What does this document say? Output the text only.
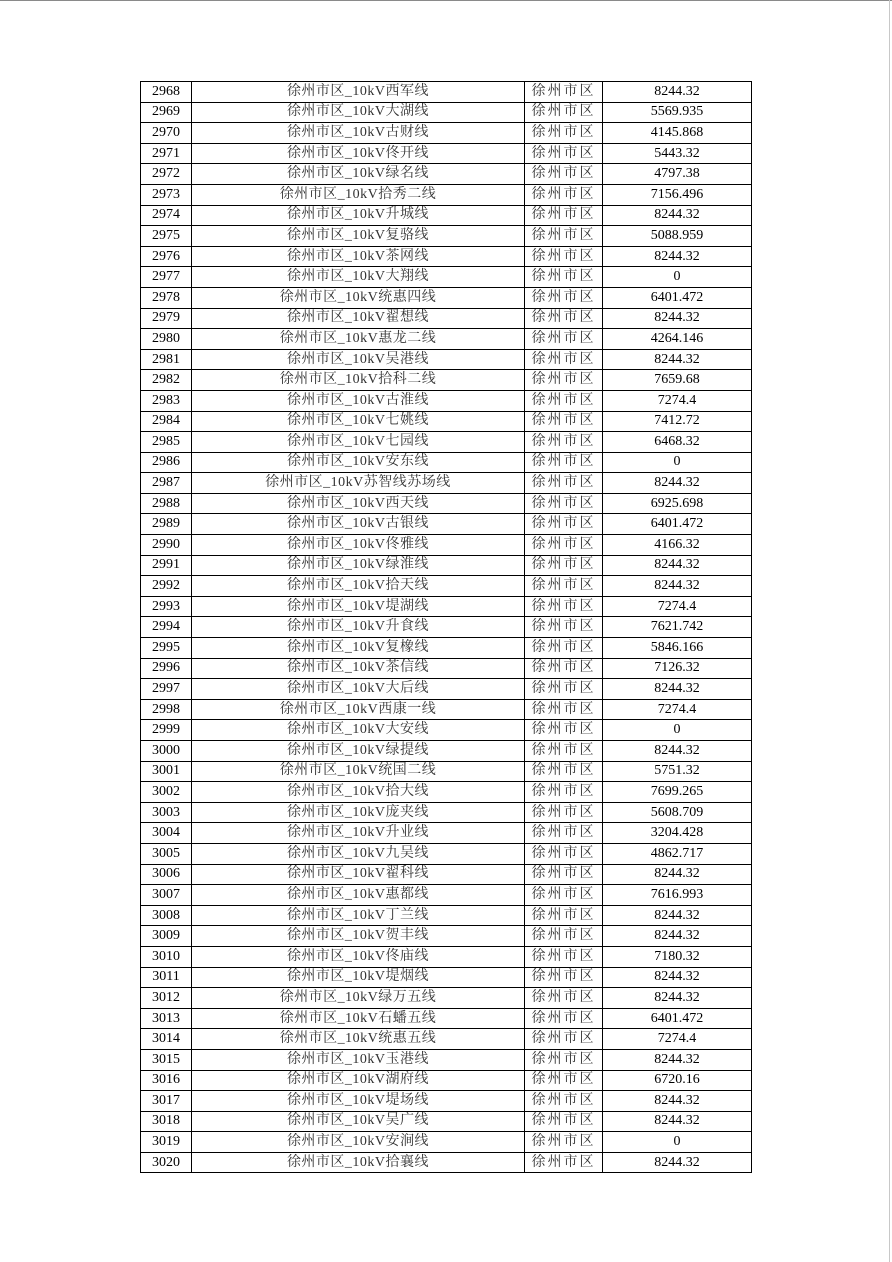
2968	徐州市区_10kV西军线	徐州市区	8244.32
2969	徐州市区_10kV大湖线	徐州市区	5569.935
2970	徐州市区_10kV古财线	徐州市区	4145.868
2971	徐州市区_10kV佟开线	徐州市区	5443.32
2972	徐州市区_10kV绿名线	徐州市区	4797.38
2973	徐州市区_10kV拾秀二线	徐州市区	7156.496
2974	徐州市区_10kV升城线	徐州市区	8244.32
2975	徐州市区_10kV复骆线	徐州市区	5088.959
2976	徐州市区_10kV茶网线	徐州市区	8244.32
2977	徐州市区_10kV大翔线	徐州市区	0
2978	徐州市区_10kV统惠四线	徐州市区	6401.472
2979	徐州市区_10kV翟想线	徐州市区	8244.32
2980	徐州市区_10kV惠龙二线	徐州市区	4264.146
2981	徐州市区_10kV吴港线	徐州市区	8244.32
2982	徐州市区_10kV拾科二线	徐州市区	7659.68
2983	徐州市区_10kV古淮线	徐州市区	7274.4
2984	徐州市区_10kV七姚线	徐州市区	7412.72
2985	徐州市区_10kV七园线	徐州市区	6468.32
2986	徐州市区_10kV安东线	徐州市区	0
2987	徐州市区_10kV苏智线苏场线	徐州市区	8244.32
2988	徐州市区_10kV西天线	徐州市区	6925.698
2989	徐州市区_10kV古银线	徐州市区	6401.472
2990	徐州市区_10kV佟雅线	徐州市区	4166.32
2991	徐州市区_10kV绿淮线	徐州市区	8244.32
2992	徐州市区_10kV拾天线	徐州市区	8244.32
2993	徐州市区_10kV堤湖线	徐州市区	7274.4
2994	徐州市区_10kV升食线	徐州市区	7621.742
2995	徐州市区_10kV复橡线	徐州市区	5846.166
2996	徐州市区_10kV茶信线	徐州市区	7126.32
2997	徐州市区_10kV大后线	徐州市区	8244.32
2998	徐州市区_10kV西康一线	徐州市区	7274.4
2999	徐州市区_10kV大安线	徐州市区	0
3000	徐州市区_10kV绿提线	徐州市区	8244.32
3001	徐州市区_10kV统国二线	徐州市区	5751.32
3002	徐州市区_10kV拾大线	徐州市区	7699.265
3003	徐州市区_10kV庞夹线	徐州市区	5608.709
3004	徐州市区_10kV升业线	徐州市区	3204.428
3005	徐州市区_10kV九吴线	徐州市区	4862.717
3006	徐州市区_10kV翟科线	徐州市区	8244.32
3007	徐州市区_10kV惠都线	徐州市区	7616.993
3008	徐州市区_10kV丁兰线	徐州市区	8244.32
3009	徐州市区_10kV贺丰线	徐州市区	8244.32
3010	徐州市区_10kV佟庙线	徐州市区	7180.32
3011	徐州市区_10kV堤烟线	徐州市区	8244.32
3012	徐州市区_10kV绿万五线	徐州市区	8244.32
3013	徐州市区_10kV石蟠五线	徐州市区	6401.472
3014	徐州市区_10kV统惠五线	徐州市区	7274.4
3015	徐州市区_10kV玉港线	徐州市区	8244.32
3016	徐州市区_10kV湖府线	徐州市区	6720.16
3017	徐州市区_10kV堤场线	徐州市区	8244.32
3018	徐州市区_10kV吴广线	徐州市区	8244.32
3019	徐州市区_10kV安涧线	徐州市区	0
3020	徐州市区_10kV拾襄线	徐州市区	8244.32
